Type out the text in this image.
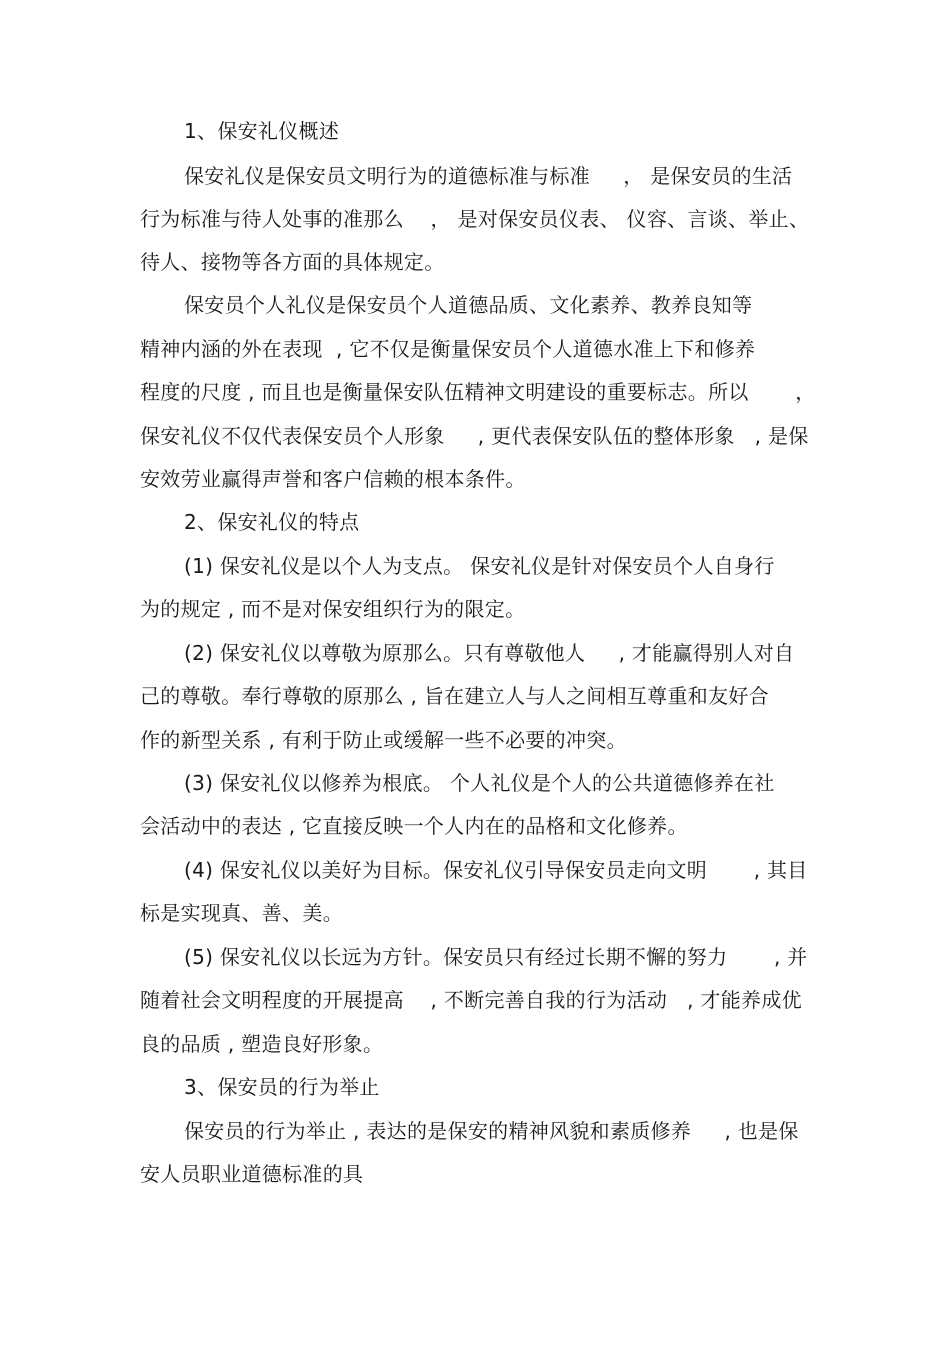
1、保安礼仪概述
保安礼仪是保安员文明行为的道德标准与标准     ， 是保安员的生活
行为标准与待人处事的准那么    ， 是对保安员仪表、 仪容、言谈、举止、
待人、接物等各方面的具体规定。
保安员个人礼仪是保安员个人道德品质、文化素养、教养良知等
精神内涵的外在表现  , 它不仅是衡量保安员个人道德水准上下和修养
程度的尺度 , 而且也是衡量保安队伍精神文明建设的重要标志。所以       ，
保安礼仪不仅代表保安员个人形象     , 更代表保安队伍的整体形象   , 是保
安效劳业赢得声誉和客户信赖的根本条件。
2、保安礼仪的特点
(1) 保安礼仪是以个人为支点。 保安礼仪是针对保安员个人自身行
为的规定 , 而不是对保安组织行为的限定。
(2) 保安礼仪以尊敬为原那么。只有尊敬他人     , 才能赢得别人对自
己的尊敬。奉行尊敬的原那么 , 旨在建立人与人之间相互尊重和友好合
作的新型关系 , 有利于防止或缓解一些不必要的冲突。
(3) 保安礼仪以修养为根底。 个人礼仪是个人的公共道德修养在社
会活动中的表达 , 它直接反映一个人内在的品格和文化修养。
(4) 保安礼仪以美好为目标。保安礼仪引导保安员走向文明       , 其目
标是实现真、善、美。
(5) 保安礼仪以长远为方针。保安员只有经过长期不懈的努力       , 并
随着社会文明程度的开展提高    , 不断完善自我的行为活动   , 才能养成优
良的品质 , 塑造良好形象。
3、保安员的行为举止
保安员的行为举止 , 表达的是保安的精神风貌和素质修养     , 也是保
安人员职业道德标准的具
